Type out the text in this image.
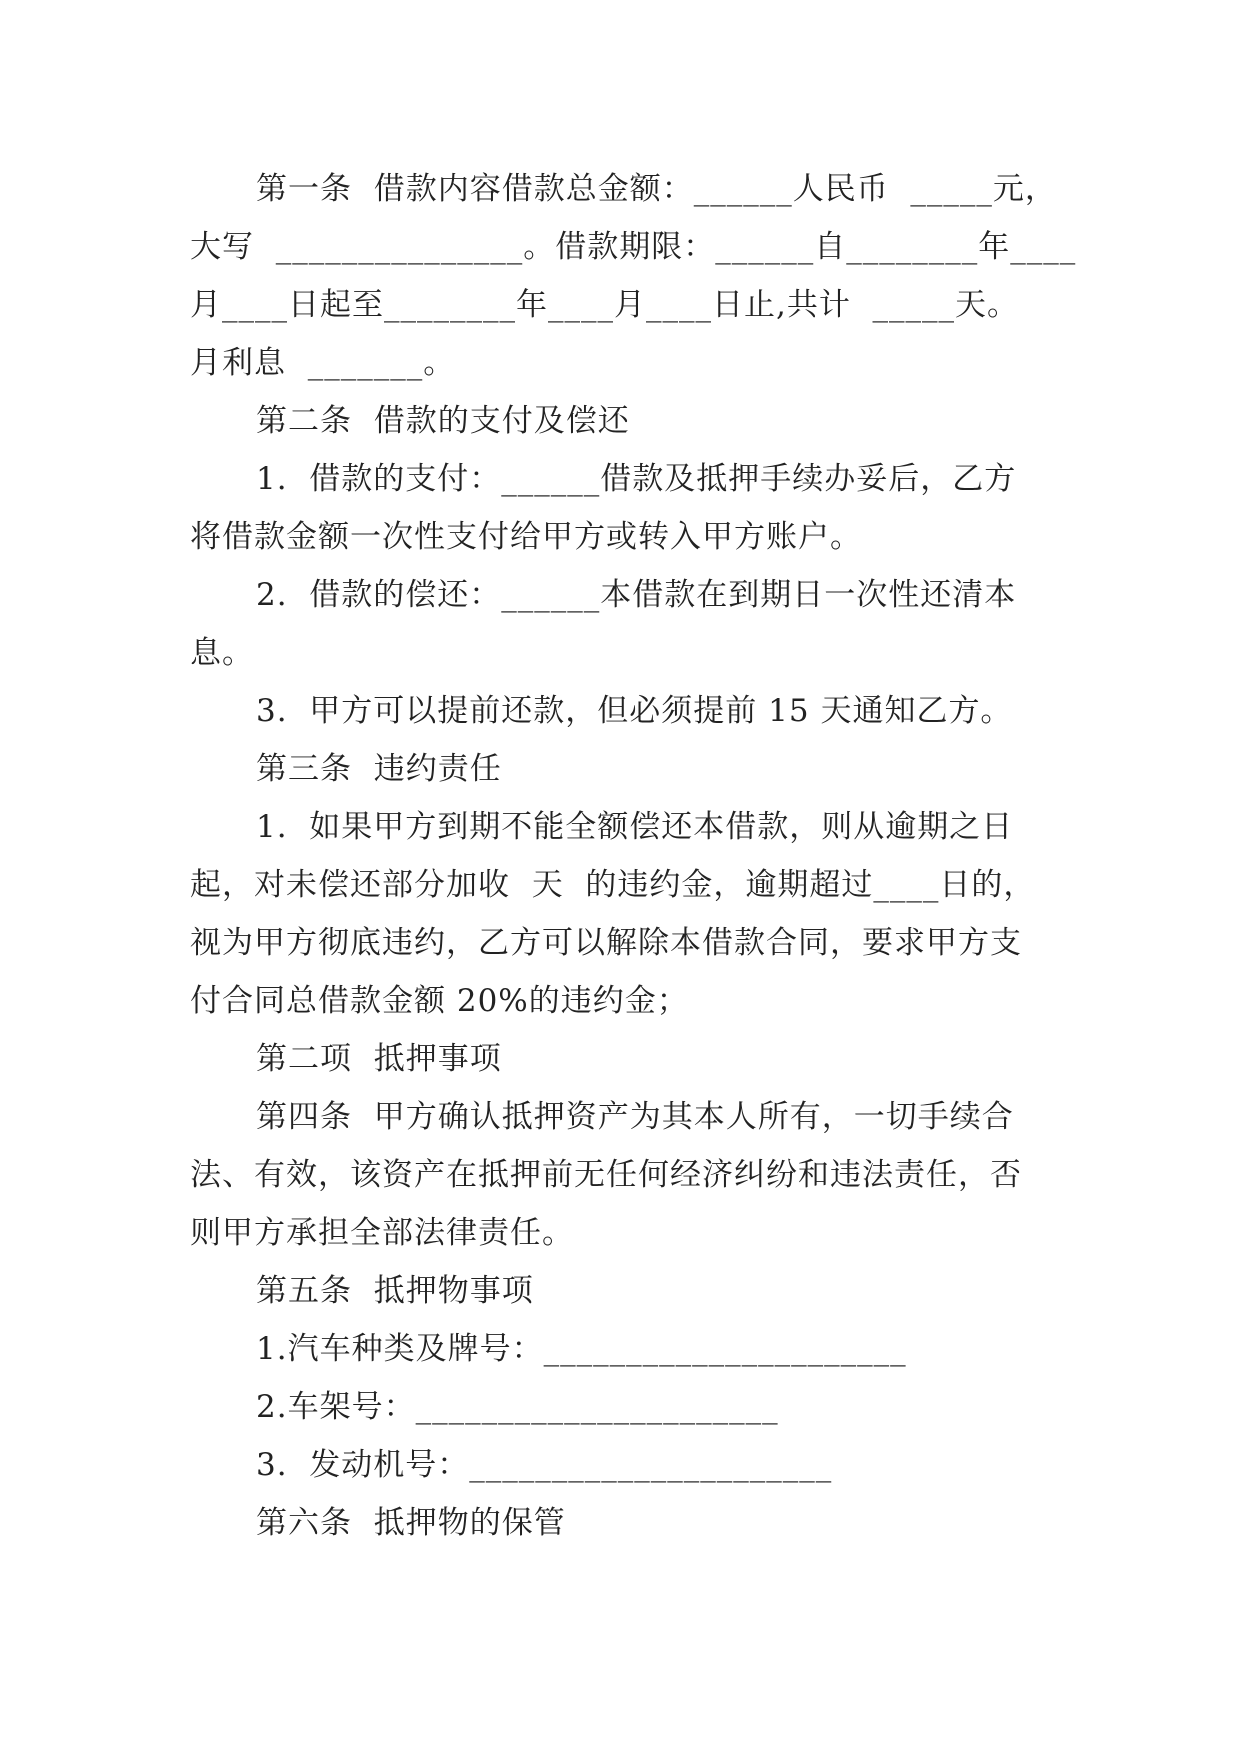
第一条  借款内容借款总金额：______人民币  _____元，
大写  _______________。借款期限：______自________年____
月____日起至________年____月____日止,共计  _____天。
月利息  _______。
第二条  借款的支付及偿还
1.  借款的支付：______借款及抵押手续办妥后，乙方
将借款金额一次性支付给甲方或转入甲方账户。
2.  借款的偿还：______本借款在到期日一次性还清本
息。
3.  甲方可以提前还款，但必须提前 15 天通知乙方。
第三条  违约责任
1.  如果甲方到期不能全额偿还本借款，则从逾期之日
起，对未偿还部分加收  天  的违约金，逾期超过____日的，
视为甲方彻底违约，乙方可以解除本借款合同，要求甲方支
付合同总借款金额 20%的违约金；
第二项  抵押事项
第四条  甲方确认抵押资产为其本人所有，一切手续合
法、有效，该资产在抵押前无任何经济纠纷和违法责任，否
则甲方承担全部法律责任。
第五条  抵押物事项
1.汽车种类及牌号：______________________
2.车架号：______________________
3.  发动机号：______________________
第六条  抵押物的保管
